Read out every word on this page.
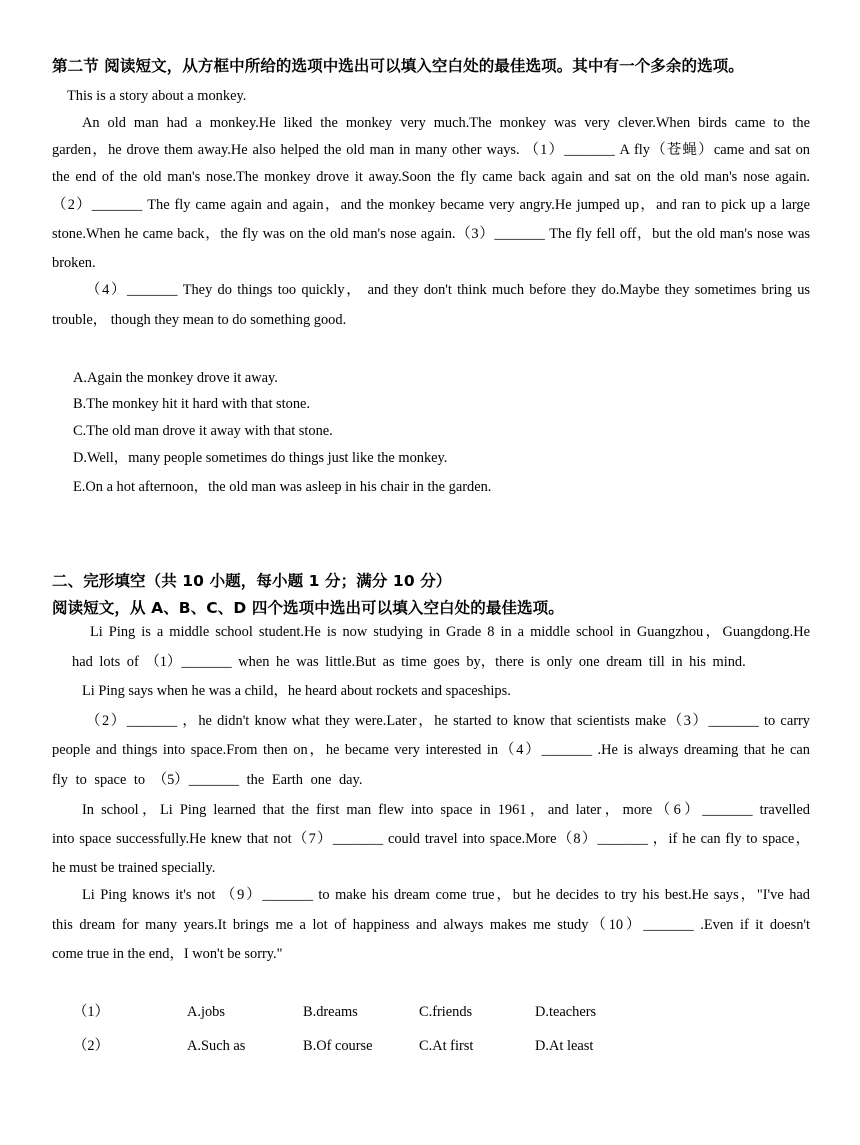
第二节 阅读短文，从方框中所给的选项中选出可以填入空白处的最佳选项。其中有一个多余的选项。
This is a story about a monkey.
An old man had a monkey.He liked the monkey very much.The monkey was very clever.When birds came to the
garden，he drove them away.He also helped the old man in many other ways. （1）_______ A fly（苍蝇）came and sat on
the end of the old man's nose.The monkey drove it away.Soon the fly came back again and sat on the old man's nose again.
（2）_______ The fly came again and again，and the monkey became very angry.He jumped up，and ran to pick up a large
stone.When he came back，the fly was on the old man's nose again.（3）_______ The fly fell off，but the old man's nose was
broken.
（4）_______ They do things too quickly， and they don't think much before they do.Maybe they sometimes bring us
trouble， though they mean to do something good.
A.Again the monkey drove it away.
B.The monkey hit it hard with that stone.
C.The old man drove it away with that stone.
D.Well，many people sometimes do things just like the monkey.
E.On a hot afternoon，the old man was asleep in his chair in the garden.
二、完形填空（共 10 小题，每小题 1 分；满分 10 分）
阅读短文，从 A、B、C、D 四个选项中选出可以填入空白处的最佳选项。
Li Ping is a middle school student.He is now studying in Grade 8 in a middle school in Guangzhou，Guangdong.He
had lots of （1）_______ when he was little.But as time goes by，there is only one dream till in his mind.
Li Ping says when he was a child，he heard about rockets and spaceships.
（2）_______ ，he didn't know what they were.Later，he started to know that scientists make（3）_______ to carry
people and things into space.From then on，he became very interested in（4）_______ .He is always dreaming that he can
fly to space to （5）_______ the Earth one day.
In school，Li Ping learned that the first man flew into space in 1961，and later，more（6）_______ travelled
into space successfully.He knew that not（7）_______ could travel into space.More（8）_______ ，if he can fly to space，
he must be trained specially.
Li Ping knows it's not （9）_______ to make his dream come true，but he decides to try his best.He says，"I've had
this dream for many years.It brings me a lot of happiness and always makes me study（10）_______ .Even if it doesn't
come true in the end，I won't be sorry."
（1）	A.jobs	B.dreams	C.friends	D.teachers
（2）	A.Such as	B.Of course	C.At first	D.At least
